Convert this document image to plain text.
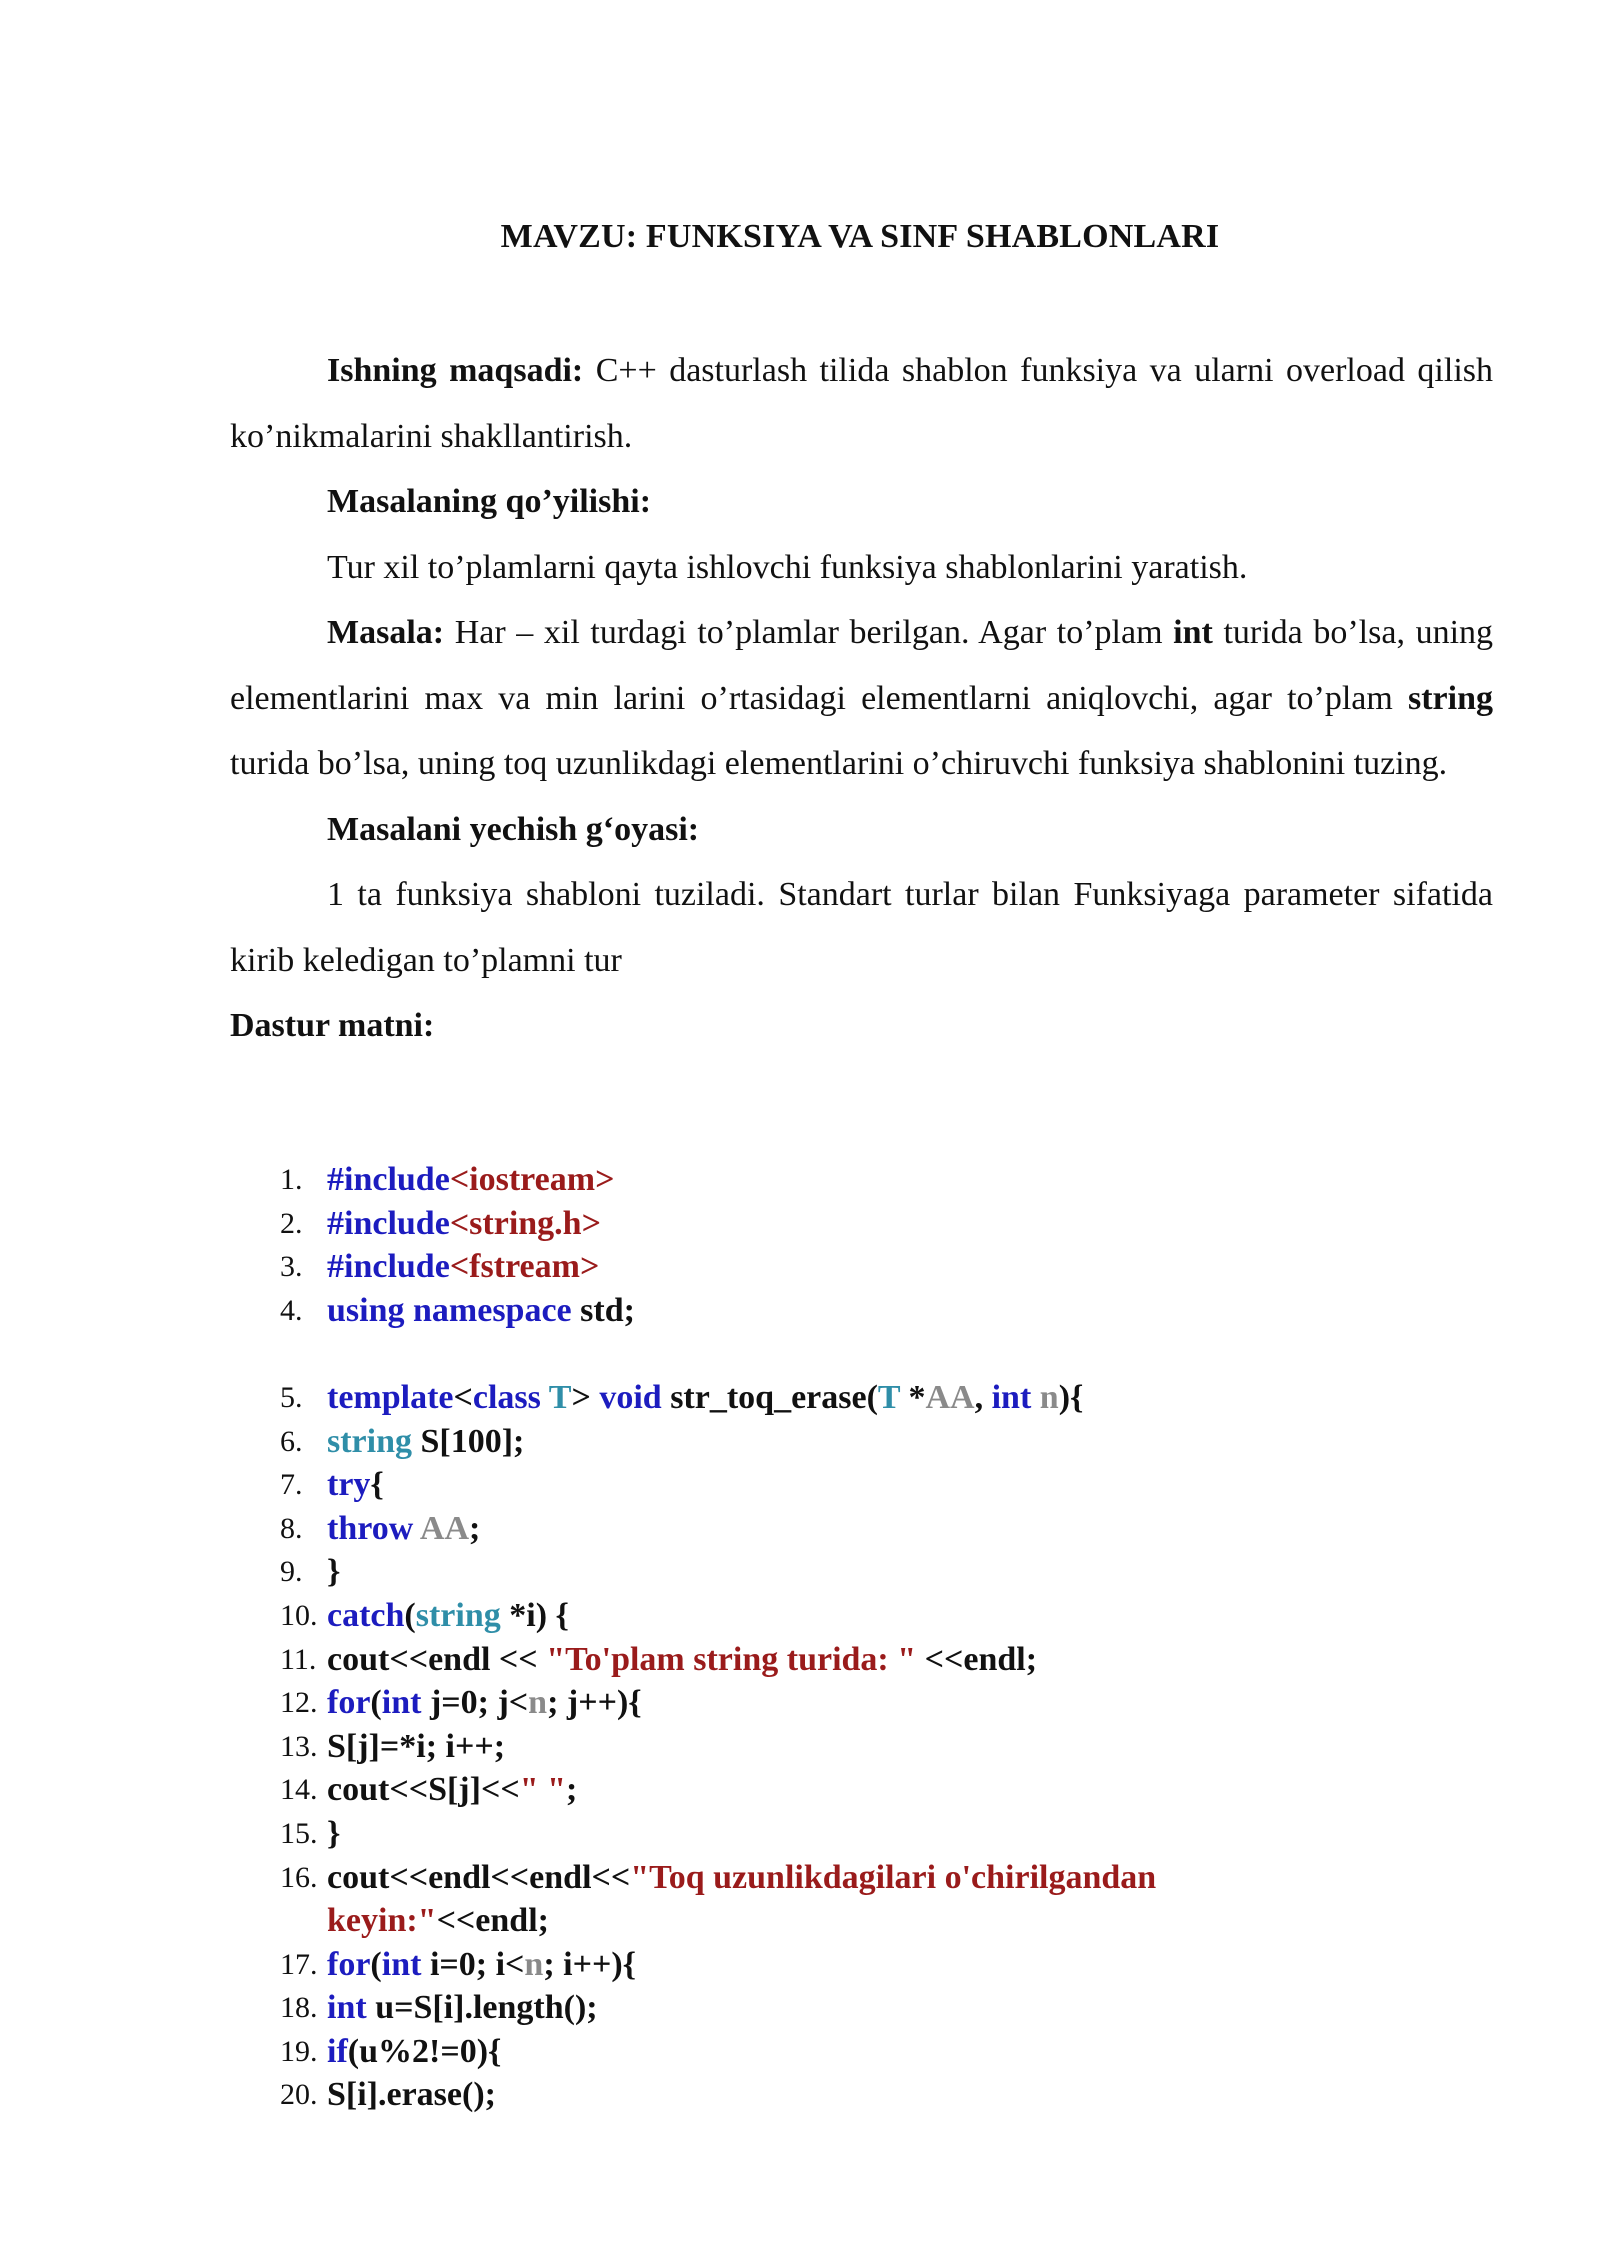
MAVZU: FUNKSIYA VA SINF SHABLONLARI

Ishning maqsadi: C++ dasturlash tilida shablon funksiya va ularni overload qilish ko’nikmalarini shakllantirish.

Masalaning qo’yilishi:

Tur xil to’plamlarni qayta ishlovchi funksiya shablonlarini yaratish.

Masala: Har – xil turdagi to’plamlar berilgan. Agar to’plam int turida bo’lsa, uning elementlarini max va min larini o’rtasidagi elementlarni aniqlovchi, agar to’plam string turida bo’lsa, uning toq uzunlikdagi elementlarini o’chiruvchi funksiya shablonini tuzing.

Masalani yechish g‘oyasi:

1 ta funksiya shabloni tuziladi. Standart turlar bilan Funksiyaga parameter sifatida kirib keledigan to’plamni tur

Dastur matni:

1. #include<iostream>
2. #include<string.h>
3. #include<fstream>
4. using namespace std;
5. template<class T> void str_toq_erase(T *AA, int n){
6. string S[100];
7. try{
8. throw AA;
9. }
10. catch(string *i) {
11. cout<<endl << "To'plam string turida: " <<endl;
12. for(int j=0; j<n; j++){
13. S[j]=*i; i++;
14. cout<<S[j]<<" ";
15. }
16. cout<<endl<<endl<<"Toq uzunlikdagilari o'chirilgandan
keyin:"<<endl;
17. for(int i=0; i<n; i++){
18. int u=S[i].length();
19. if(u%2!=0){
20. S[i].erase();
